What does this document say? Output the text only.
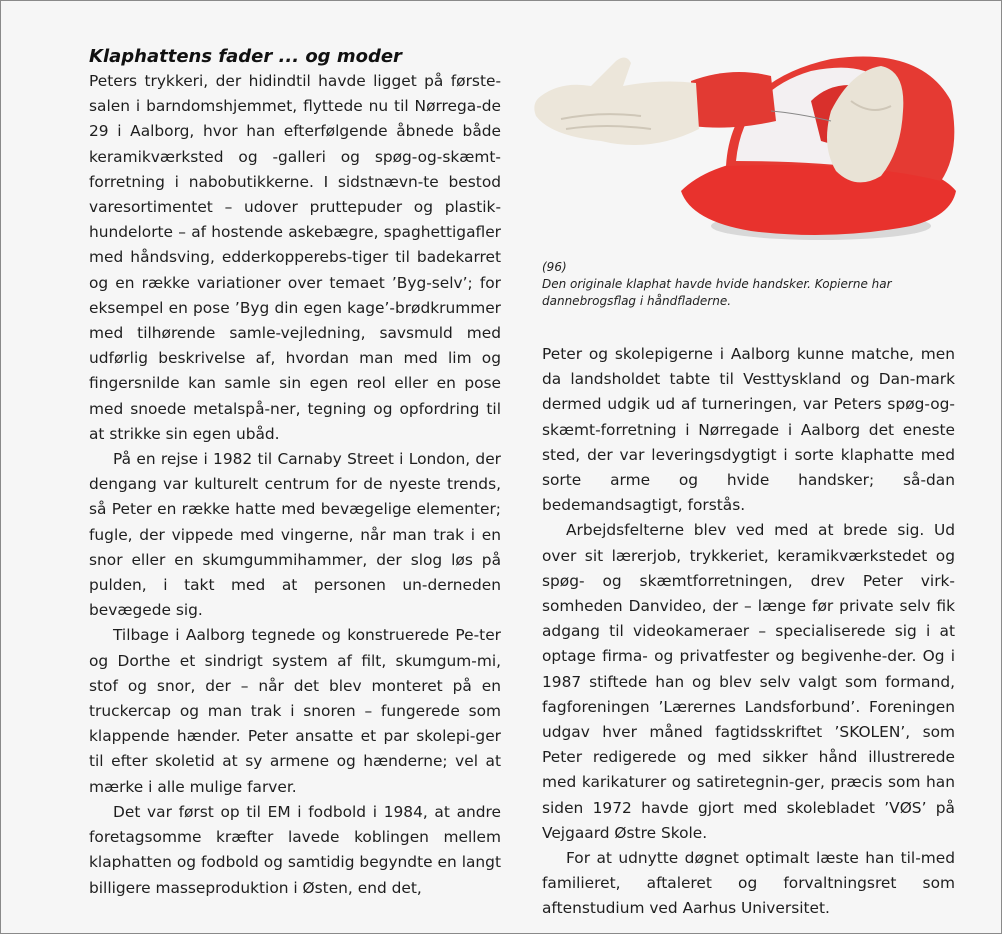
Klaphattens fader ... og moder

Peters trykkeri, der hidindtil havde ligget på første-salen i barndomshjemmet, flyttede nu til Nørrega-de 29 i Aalborg, hvor han efterfølgende åbnede både keramikværksted og -galleri og spøg-og-skæmt-forretning i nabobutikkerne. I sidstnævn-te bestod varesortimentet – udover pruttepuder og plastik-hundelorte – af hostende askebægre, spaghettigafler med håndsving, edderkopperebs-tiger til badekarret og en række variationer over temaet ’Byg-selv’; for eksempel en pose ’Byg din egen kage’-brødkrummer med tilhørende samle-vejledning, savsmuld med udførlig beskrivelse af, hvordan man med lim og fingersnilde kan samle sin egen reol eller en pose med snoede metalspå-ner, tegning og opfordring til at strikke sin egen ubåd.

På en rejse i 1982 til Carnaby Street i London, der dengang var kulturelt centrum for de nyeste trends, så Peter en række hatte med bevægelige elementer; fugle, der vippede med vingerne, når man trak i en snor eller en skumgummihammer, der slog løs på pulden, i takt med at personen un-derneden bevægede sig.

Tilbage i Aalborg tegnede og konstruerede Pe-ter og Dorthe et sindrigt system af filt, skumgum-mi, stof og snor, der – når det blev monteret på en truckercap og man trak i snoren – fungerede som klappende hænder. Peter ansatte et par skolepi-ger til efter skoletid at sy armene og hænderne; vel at mærke i alle mulige farver.

Det var først op til EM i fodbold i 1984, at andre foretagsomme kræfter lavede koblingen mellem klaphatten og fodbold og samtidig begyndte en langt billigere masseproduktion i Østen, end det,

(96)

Den originale klaphat havde hvide handsker. Kopierne har dannebrogsflag i håndfladerne.

Peter og skolepigerne i Aalborg kunne matche, men da landsholdet tabte til Vesttyskland og Dan-mark dermed udgik ud af turneringen, var Peters spøg-og-skæmt-forretning i Nørregade i Aalborg det eneste sted, der var leveringsdygtigt i sorte klaphatte med sorte arme og hvide handsker; så-dan bedemandsagtigt, forstås.

Arbejdsfelterne blev ved med at brede sig. Ud over sit lærerjob, trykkeriet, keramikværkstedet og spøg- og skæmtforretningen, drev Peter virk-somheden Danvideo, der – længe før private selv fik adgang til videokameraer – specialiserede sig i at optage firma- og privatfester og begivenhe-der. Og i 1987 stiftede han og blev selv valgt som formand, fagforeningen ’Lærernes Landsforbund’. Foreningen udgav hver måned fagtidsskriftet ’SKOLEN’, som Peter redigerede og med sikker hånd illustrerede med karikaturer og satiretegnin-ger, præcis som han siden 1972 havde gjort med skolebladet ’VØS’ på Vejgaard Østre Skole.

For at udnytte døgnet optimalt læste han til-med familieret, aftaleret og forvaltningsret som aftenstudium ved Aarhus Universitet.
